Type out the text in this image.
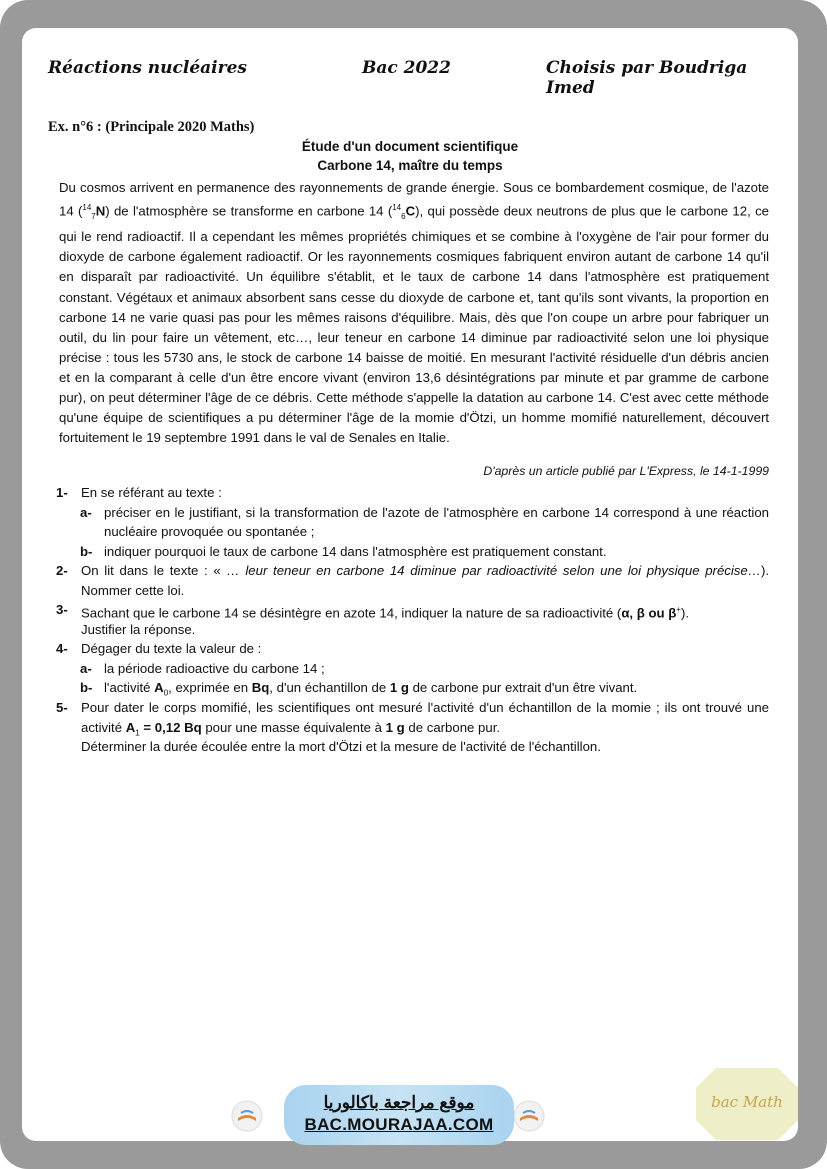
Réactions nucléaires	Bac 2022	Choisis par Boudriga Imed
Ex. n°6 : (Principale 2020 Maths)
Étude d'un document scientifique
Carbone 14, maître du temps

Du cosmos arrivent en permanence des rayonnements de grande énergie. Sous ce bombardement cosmique, de l'azote 14 ($^{14}_7$N) de l'atmosphère se transforme en carbone 14 ($^{14}_6$C), qui possède deux neutrons de plus que le carbone 12, ce qui le rend radioactif. Il a cependant les mêmes propriétés chimiques et se combine à l'oxygène de l'air pour former du dioxyde de carbone également radioactif. Or les rayonnements cosmiques fabriquent environ autant de carbone 14 qu'il en disparaît par radioactivité. Un équilibre s'établit, et le taux de carbone 14 dans l'atmosphère est pratiquement constant. Végétaux et animaux absorbent sans cesse du dioxyde de carbone et, tant qu'ils sont vivants, la proportion en carbone 14 ne varie quasi pas pour les mêmes raisons d'équilibre. Mais, dès que l'on coupe un arbre pour fabriquer un outil, du lin pour faire un vêtement, etc…, leur teneur en carbone 14 diminue par radioactivité selon une loi physique précise : tous les 5730 ans, le stock de carbone 14 baisse de moitié. En mesurant l'activité résiduelle d'un débris ancien et en la comparant à celle d'un être encore vivant (environ 13,6 désintégrations par minute et par gramme de carbone pur), on peut déterminer l'âge de ce débris. Cette méthode s'appelle la datation au carbone 14. C'est avec cette méthode qu'une équipe de scientifiques a pu déterminer l'âge de la momie d'Ötzi, un homme momifié naturellement, découvert fortuitement le 19 septembre 1991 dans le val de Senales en Italie.

D'après un article publié par L'Express, le 14-1-1999
1- En se référant au texte :
a- préciser en le justifiant, si la transformation de l'azote de l'atmosphère en carbone 14 correspond à une réaction nucléaire provoquée ou spontanée ;
b- indiquer pourquoi le taux de carbone 14 dans l'atmosphère est pratiquement constant.
2- On lit dans le texte : « … leur teneur en carbone 14 diminue par radioactivité selon une loi physique précise…). Nommer cette loi.
3- Sachant que le carbone 14 se désintègre en azote 14, indiquer la nature de sa radioactivité (α, β ou β+).
Justifier la réponse.
4- Dégager du texte la valeur de :
a- la période radioactive du carbone 14 ;
b- l'activité $A_0$, exprimée en Bq, d'un échantillon de 1 g de carbone pur extrait d'un être vivant.
5- Pour dater le corps momifié, les scientifiques ont mesuré l'activité d'un échantillon de la momie ; ils ont trouvé une activité $A_1 = 0,12$ Bq pour une masse équivalente à 1 g de carbone pur.
Déterminer la durée écoulée entre la mort d'Ötzi et la mesure de l'activité de l'échantillon.
موقع مراجعة باكالوريا
BAC.MOURAJAA.COM
bac Math
